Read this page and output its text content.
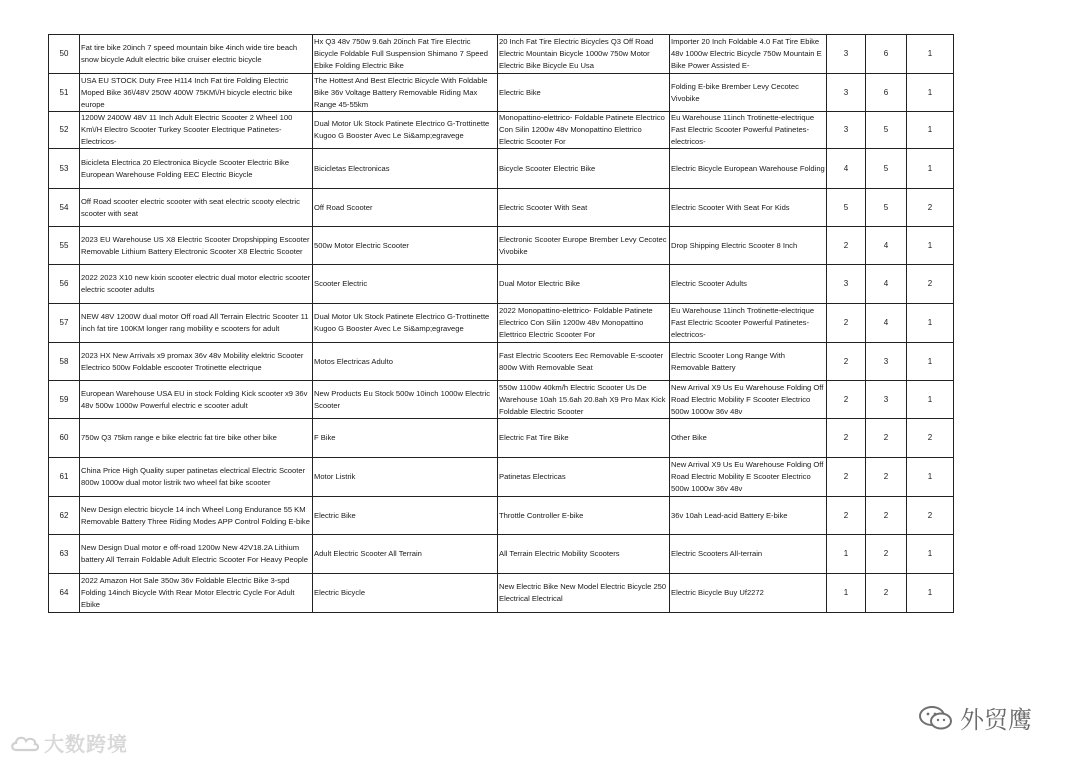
50	Fat tire bike 20inch 7 speed mountain bike 4inch wide tire beach snow bicycle Adult electric bike cruiser electric bicycle	Hx Q3 48v 750w 9.6ah 20inch Fat Tire Electric Bicycle Foldable Full Suspension Shimano 7 Speed Ebike Folding Electric Bike	20 Inch Fat Tire Electric Bicycles Q3 Off Road Electric Mountain Bicycle 1000w 750w Motor Electric Bike Bicycle Eu Usa	Importer 20 Inch Foldable 4.0 Fat Tire Ebike 48v 1000w Electric Bicycle 750w Mountain E Bike Power Assisted E-	3	6	1
51	USA EU STOCK Duty Free H114 Inch Fat tire Folding Electric Moped Bike 36\/48V 250W 400W 75KM\/H bicycle electric bike europe	The Hottest And Best Electric Bicycle With Foldable Bike 36v Voltage Battery Removable Riding Max Range 45-55km	Electric Bike	Folding E-bike Brember Levy Cecotec Vivobike	3	6	1
52	1200W 2400W 48V 11 Inch Adult Electric Scooter 2 Wheel 100 Km\/H Electro Scooter Turkey Scooter Electrique Patinetes-Electricos-	Dual Motor Uk Stock Patinete Electrico G-Trottinette Kugoo G Booster Avec Le Si&amp;egravege	Monopattino-elettrico- Foldable Patinete Electrico Con Silin 1200w 48v Monopattino Elettrico Electric Scooter For	Eu Warehouse 11inch Trotinette-electrique Fast Electric Scooter Powerful Patinetes-electricos-	3	5	1
53	Bicicleta Electrica 20 Electronica Bicycle Scooter Electric Bike European Warehouse Folding EEC Electric Bicycle	Bicicletas Electronicas	Bicycle Scooter Electric Bike	Electric Bicycle European Warehouse Folding	4	5	1
54	Off Road scooter electric scooter with seat electric scooty electric scooter with seat	Off Road Scooter	Electric Scooter With Seat	Electric Scooter With Seat For Kids	5	5	2
55	2023 EU Warehouse US X8 Electric Scooter Dropshipping Escooter Removable Lithium Battery Electronic Scooter X8 Electric Scooter	500w Motor Electric Scooter	Electronic Scooter Europe Brember Levy Cecotec Vivobike	Drop Shipping Electric Scooter 8 Inch	2	4	1
56	2022 2023 X10 new kixin scooter electric dual motor electric scooter electric scooter adults	Scooter Electric	Dual Motor Electric Bike	Electric Scooter Adults	3	4	2
57	NEW 48V 1200W dual motor Off road All Terrain Electric Scooter 11 inch fat tire 100KM longer rang mobility e scooters for adult	Dual Motor Uk Stock Patinete Electrico G-Trottinette Kugoo G Booster Avec Le Si&amp;egravege	2022 Monopattino-elettrico- Foldable Patinete Electrico Con Silin 1200w 48v Monopattino Elettrico Electric Scooter For	Eu Warehouse 11inch Trotinette-electrique Fast Electric Scooter Powerful Patinetes-electricos-	2	4	1
58	2023 HX New Arrivals x9 promax 36v 48v Mobility elektric Scooter Electrico 500w Foldable escooter Trotinette electrique	Motos Electricas Adulto	Fast Electric Scooters Eec Removable E-scooter 800w With Removable Seat	Electric Scooter Long Range With Removable Battery	2	3	1
59	European Warehouse USA EU in stock Folding Kick scooter x9 36v 48v 500w 1000w Powerful electric e scooter adult	New Products Eu Stock 500w 10inch 1000w Electric Scooter	550w 1100w 40km/h Electric Scooter Us De Warehouse 10ah 15.6ah 20.8ah X9 Pro Max Kick Foldable Electric Scooter	New Arrival X9 Us Eu Warehouse Folding Off Road Electric Mobility F Scooter Electrico 500w 1000w 36v 48v	2	3	1
60	750w Q3 75km range e bike electric fat tire bike other bike	F Bike	Electric Fat Tire Bike	Other Bike	2	2	2
61	China Price High Quality super patinetas electrical Electric Scooter 800w 1000w dual motor listrik two wheel fat bike scooter	Motor Listrik	Patinetas Electricas	New Arrival X9 Us Eu Warehouse Folding Off Road Electric Mobility E Scooter Electrico 500w 1000w 36v 48v	2	2	1
62	New Design electric bicycle 14 inch Wheel Long Endurance 55 KM Removable Battery Three Riding Modes APP Control Folding E-bike	Electric Bike	Throttle Controller E-bike	36v 10ah Lead-acid Battery E-bike	2	2	2
63	New Design Dual motor e off-road 1200w New 42V18.2A Lithium battery All Terrain Foldable Adult Electric Scooter For Heavy People	Adult Electric Scooter All Terrain	All Terrain Electric Mobility Scooters	Electric Scooters All-terrain	1	2	1
64	2022 Amazon Hot Sale 350w 36v Foldable Electric Bike 3-spd Folding 14inch Bicycle With Rear Motor Electric Cycle For Adult Ebike	Electric Bicycle	New Electric Bike New Model Electric Bicycle 250 Electrical Electrical	Electric Bicycle Buy Uf2272	1	2	1
大数跨境
外贸鹰
